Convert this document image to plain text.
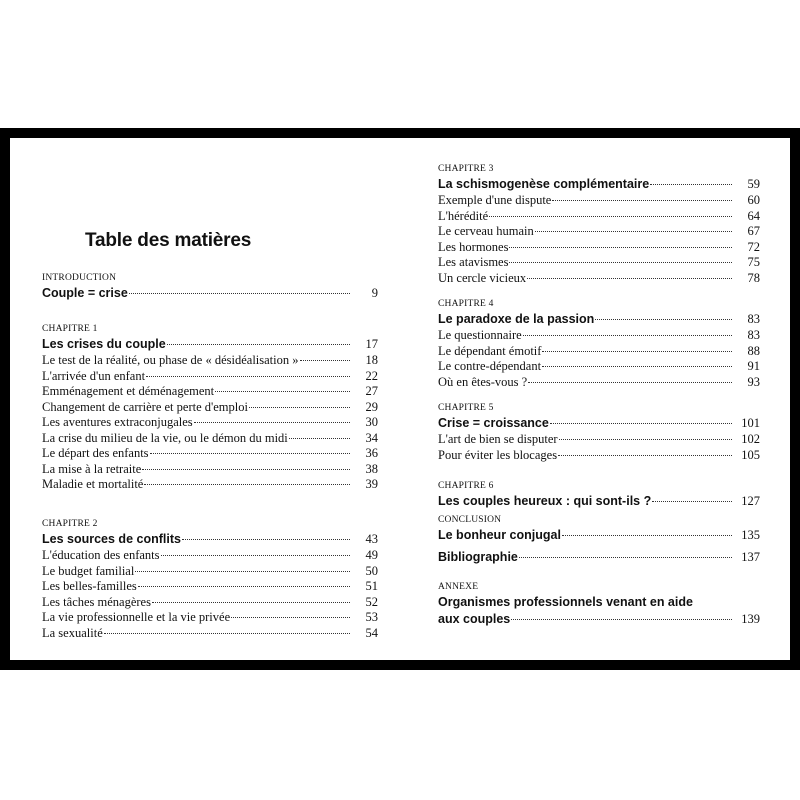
Table des matières
INTRODUCTION
Couple = crise	9
CHAPITRE 1
Les crises du couple	17
Le test de la réalité, ou phase de « désidéalisation »	18
L'arrivée d'un enfant	22
Emménagement et déménagement	27
Changement de carrière et perte d'emploi	29
Les aventures extraconjugales	30
La crise du milieu de la vie, ou le démon du midi	34
Le départ des enfants	36
La mise à la retraite	38
Maladie et mortalité	39
CHAPITRE 2
Les sources de conflits	43
L'éducation des enfants	49
Le budget familial	50
Les belles-familles	51
Les tâches ménagères	52
La vie professionnelle et la vie privée	53
La sexualité	54
CHAPITRE 3
La schismogenèse complémentaire	59
Exemple d'une dispute	60
L'hérédité	64
Le cerveau humain	67
Les hormones	72
Les atavismes	75
Un cercle vicieux	78
CHAPITRE 4
Le paradoxe de la passion	83
Le questionnaire	83
Le dépendant émotif	88
Le contre-dépendant	91
Où en êtes-vous ?	93
CHAPITRE 5
Crise = croissance	101
L'art de bien se disputer	102
Pour éviter les blocages	105
CHAPITRE 6
Les couples heureux : qui sont-ils ?	127
CONCLUSION
Le bonheur conjugal	135
Bibliographie	137
ANNEXE
Organismes professionnels venant en aide
aux couples	139
